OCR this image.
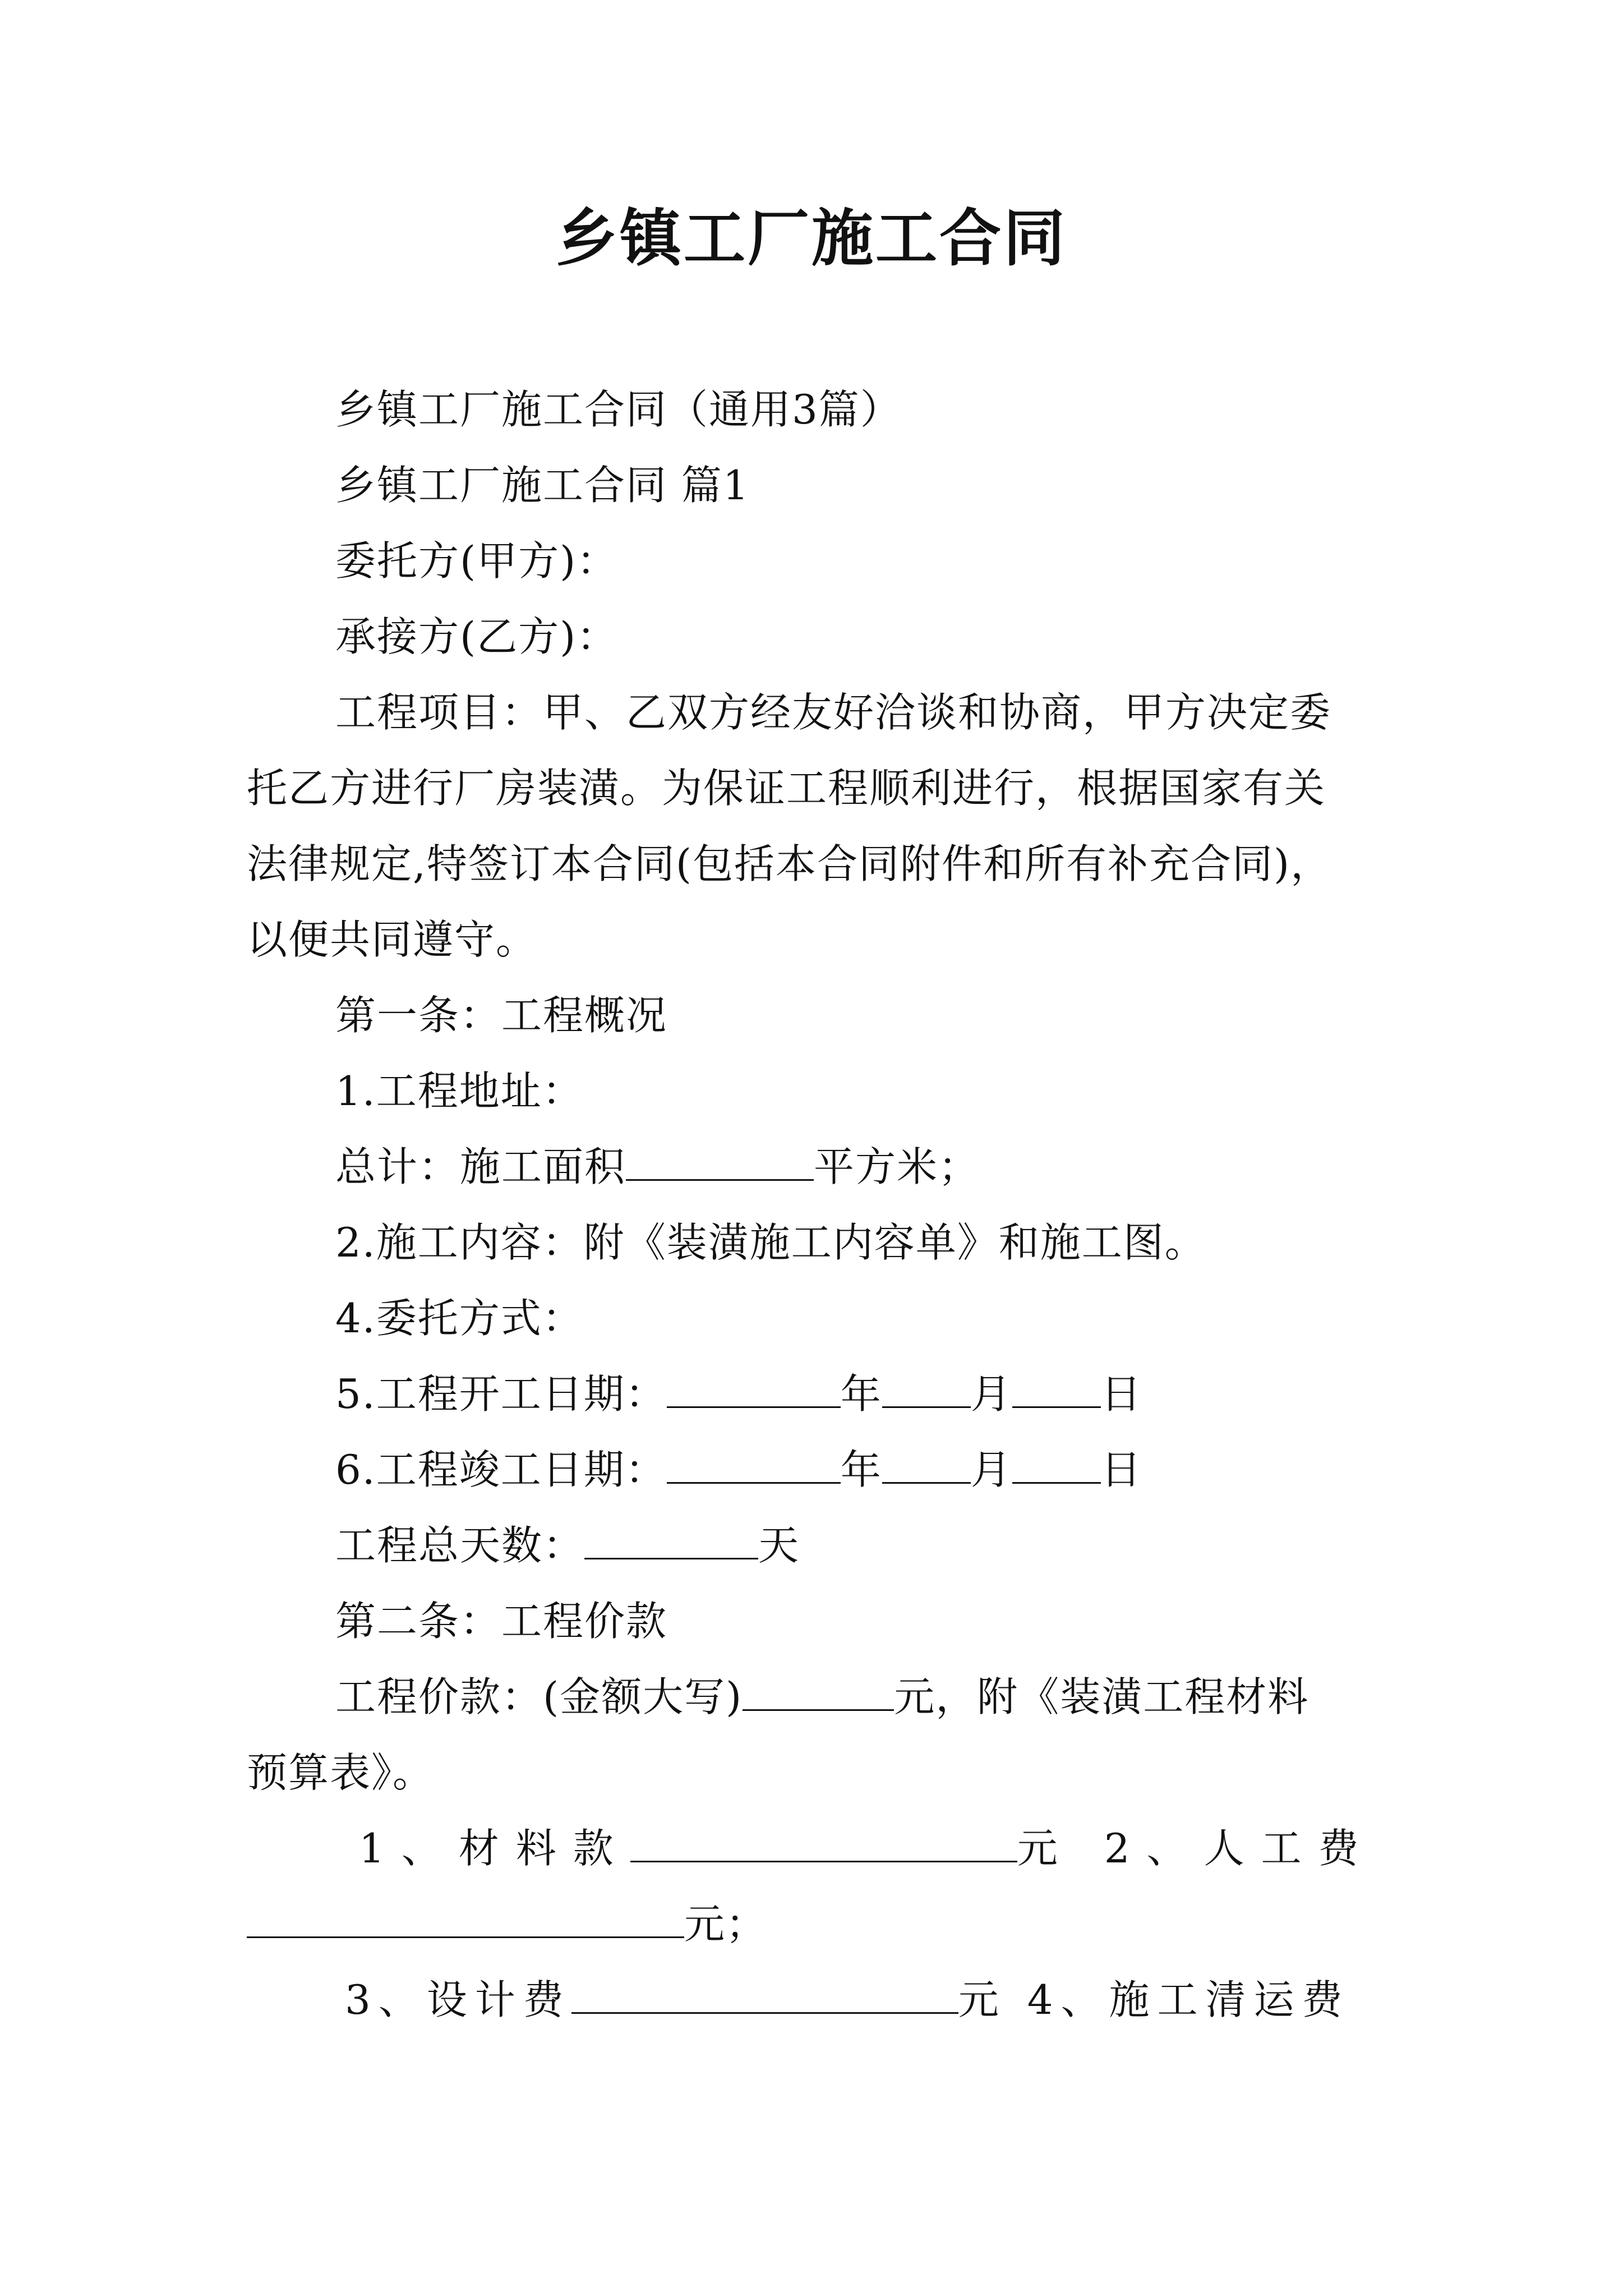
乡镇工厂施工合同
乡镇工厂施工合同（通用3篇）
乡镇工厂施工合同 篇1
委托方(甲方)：
承接方(乙方)：
工程项目：甲、乙双方经友好洽谈和协商，甲方决定委
托乙方进行厂房装潢。为保证工程顺利进行，根据国家有关
法律规定,特签订本合同(包括本合同附件和所有补充合同)，
以便共同遵守。
第一条：工程概况
1.工程地址：
总计：施工面积	平方米；
2.施工内容：附《装潢施工内容单》和施工图。
4.委托方式：
5.工程开工日期：	年 月 日
6.工程竣工日期：	年 月 日
工程总天数：	天
第二条：工程价款
工程价款：(金额大写)	元，附《装潢工程材料
预算表》。
1、材料款	元 2、人工费
元；
3、设计费	元 4、施工清运费
